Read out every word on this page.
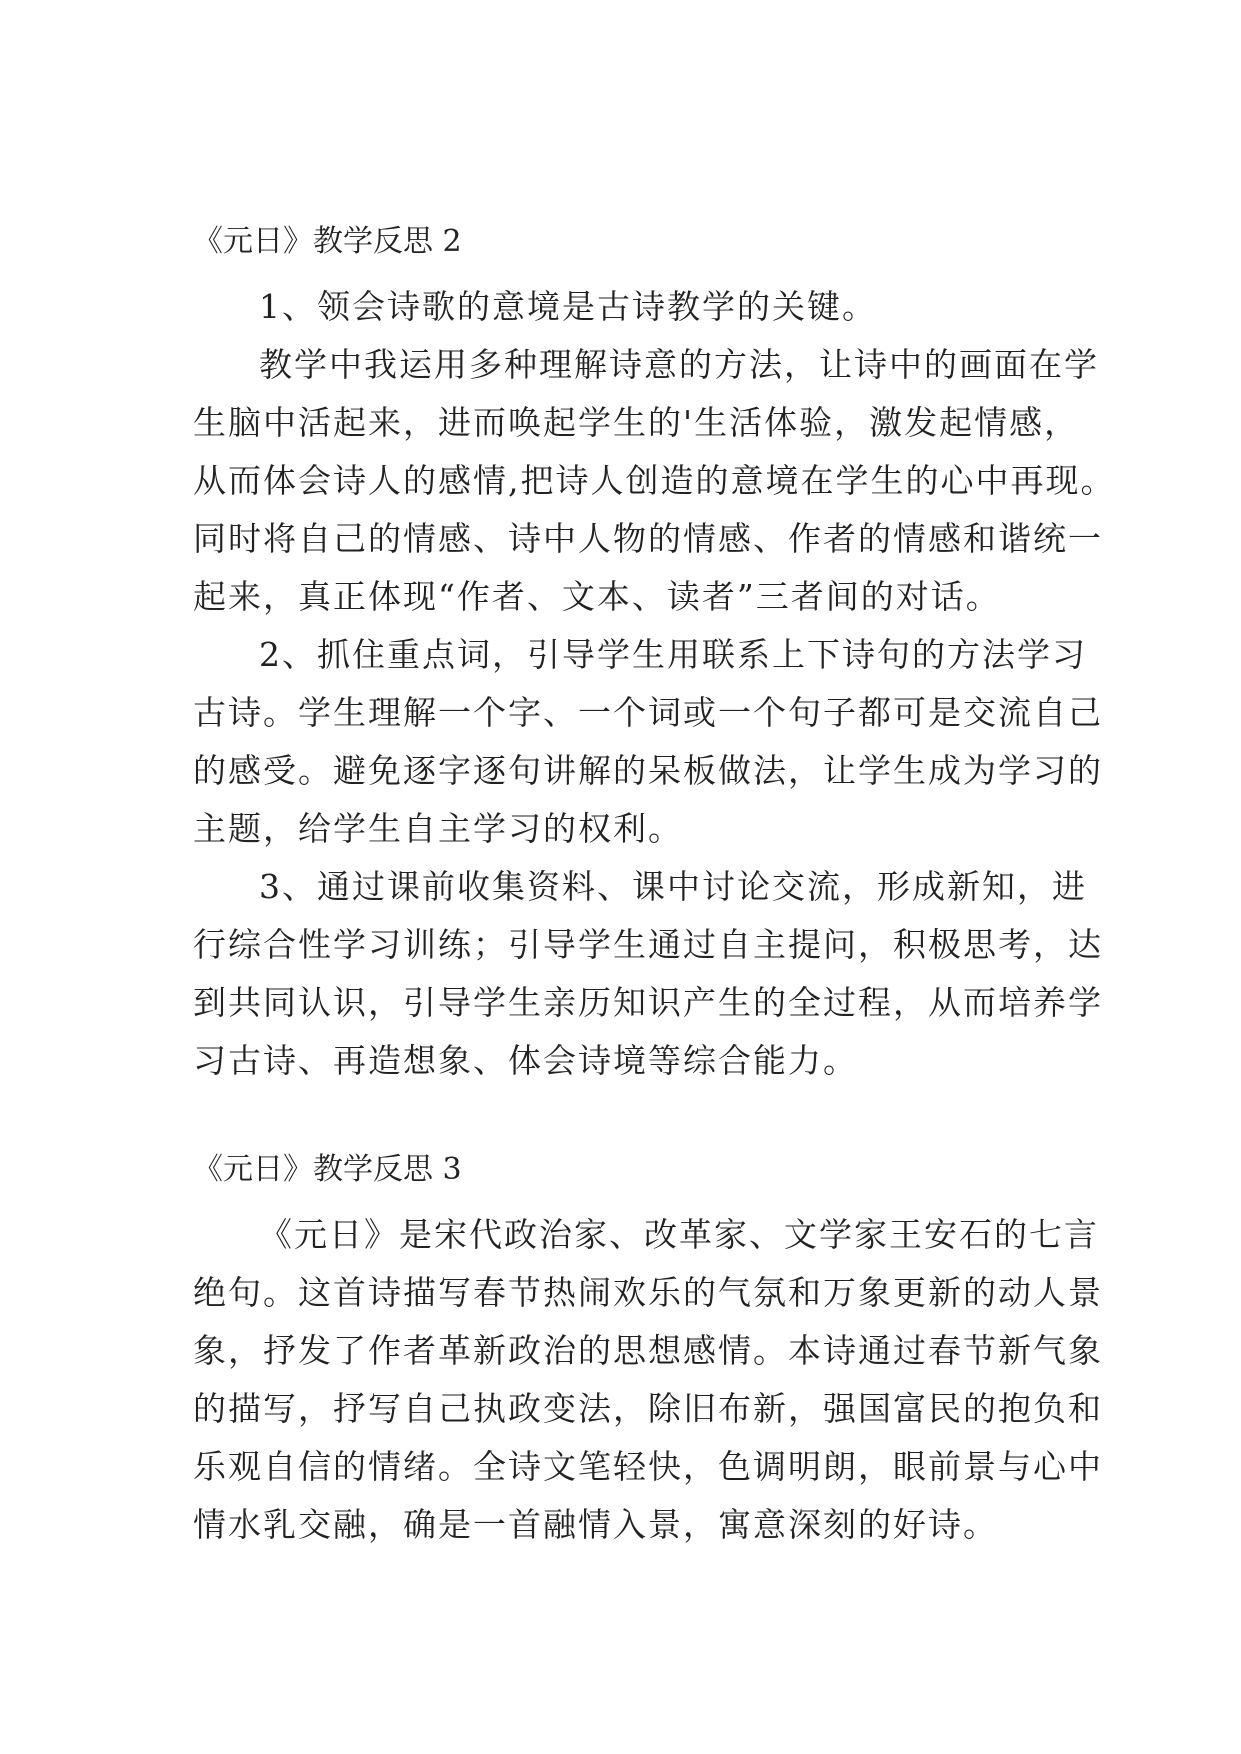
《元日》教学反思 2
1、领会诗歌的意境是古诗教学的关键。
教学中我运用多种理解诗意的方法，让诗中的画面在学
生脑中活起来，进而唤起学生的'生活体验，激发起情感，
从而体会诗人的感情,把诗人创造的意境在学生的心中再现。
同时将自己的情感、诗中人物的情感、作者的情感和谐统一
起来，真正体现“作者、文本、读者”三者间的对话。
2、抓住重点词，引导学生用联系上下诗句的方法学习
古诗。学生理解一个字、一个词或一个句子都可是交流自己
的感受。避免逐字逐句讲解的呆板做法，让学生成为学习的
主题，给学生自主学习的权利。
3、通过课前收集资料、课中讨论交流，形成新知，进
行综合性学习训练；引导学生通过自主提问，积极思考，达
到共同认识，引导学生亲历知识产生的全过程，从而培养学
习古诗、再造想象、体会诗境等综合能力。
《元日》教学反思 3
《元日》是宋代政治家、改革家、文学家王安石的七言
绝句。这首诗描写春节热闹欢乐的气氛和万象更新的动人景
象，抒发了作者革新政治的思想感情。本诗通过春节新气象
的描写，抒写自己执政变法，除旧布新，强国富民的抱负和
乐观自信的情绪。全诗文笔轻快，色调明朗，眼前景与心中
情水乳交融，确是一首融情入景，寓意深刻的好诗。
